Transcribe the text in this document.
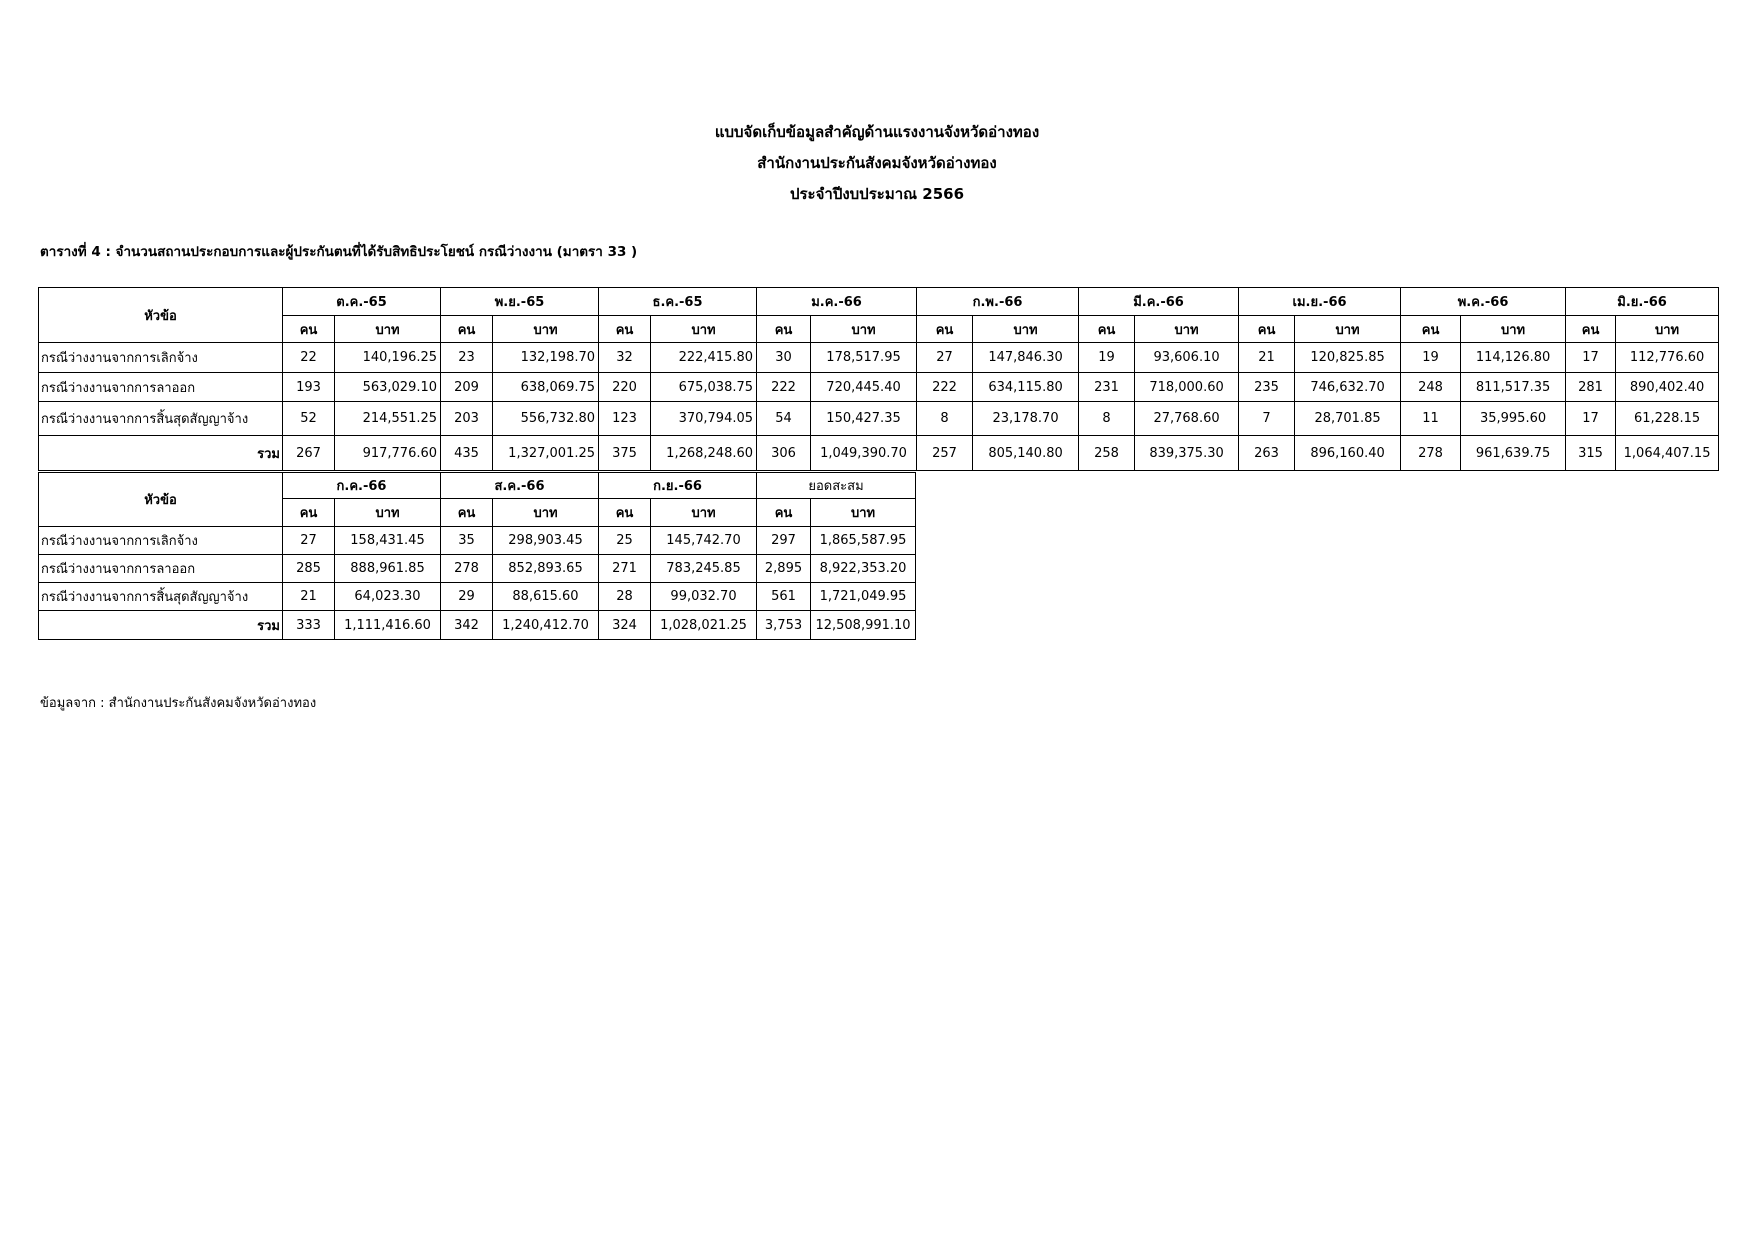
แบบจัดเก็บข้อมูลสำคัญด้านแรงงานจังหวัดอ่างทอง
สำนักงานประกันสังคมจังหวัดอ่างทอง
ประจำปีงบประมาณ 2566
ตารางที่ 4 : จำนวนสถานประกอบการและผู้ประกันตนที่ได้รับสิทธิประโยชน์ กรณีว่างงาน (มาตรา 33 )
หัวข้อ	ต.ค.-65		พ.ย.-65		ธ.ค.-65		ม.ค.-66		ก.พ.-66		มี.ค.-66		เม.ย.-66		พ.ค.-66		มิ.ย.-66	
	คน	บาท	คน	บาท	คน	บาท	คน	บาท	คน	บาท	คน	บาท	คน	บาท	คน	บาท	คน	บาท
กรณีว่างงานจากการเลิกจ้าง	22	140,196.25	23	132,198.70	32	222,415.80	30	178,517.95	27	147,846.30	19	93,606.10	21	120,825.85	19	114,126.80	17	112,776.60
กรณีว่างงานจากการลาออก	193	563,029.10	209	638,069.75	220	675,038.75	222	720,445.40	222	634,115.80	231	718,000.60	235	746,632.70	248	811,517.35	281	890,402.40
กรณีว่างงานจากการสิ้นสุดสัญญาจ้าง	52	214,551.25	203	556,732.80	123	370,794.05	54	150,427.35	8	23,178.70	8	27,768.60	7	28,701.85	11	35,995.60	17	61,228.15
รวม	267	917,776.60	435	1,327,001.25	375	1,268,248.60	306	1,049,390.70	257	805,140.80	258	839,375.30	263	896,160.40	278	961,639.75	315	1,064,407.15
หัวข้อ	ก.ค.-66		ส.ค.-66		ก.ย.-66		ยอดสะสม	
	คน	บาท	คน	บาท	คน	บาท	คน	บาท
กรณีว่างงานจากการเลิกจ้าง	27	158,431.45	35	298,903.45	25	145,742.70	297	1,865,587.95
กรณีว่างงานจากการลาออก	285	888,961.85	278	852,893.65	271	783,245.85	2,895	8,922,353.20
กรณีว่างงานจากการสิ้นสุดสัญญาจ้าง	21	64,023.30	29	88,615.60	28	99,032.70	561	1,721,049.95
รวม	333	1,111,416.60	342	1,240,412.70	324	1,028,021.25	3,753	12,508,991.10
ข้อมูลจาก : สำนักงานประกันสังคมจังหวัดอ่างทอง
